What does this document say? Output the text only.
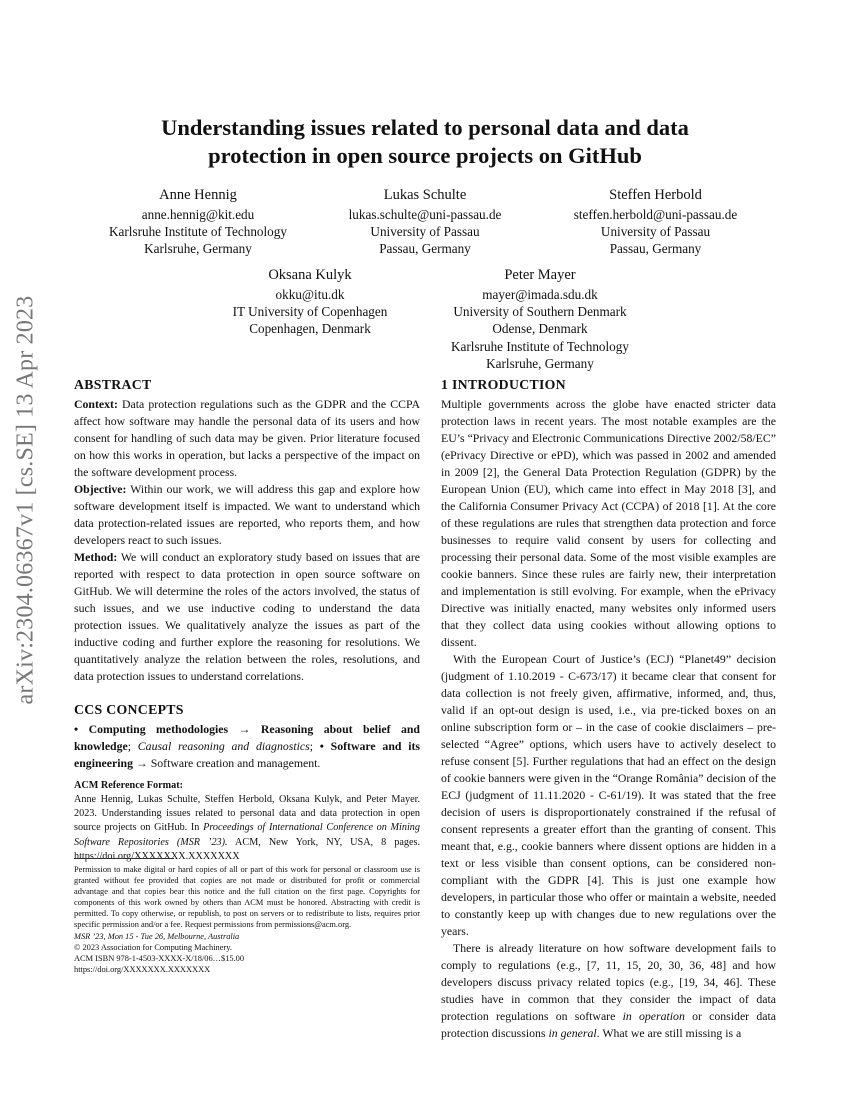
arXiv:2304.06367v1 [cs.SE] 13 Apr 2023
Understanding issues related to personal data and data
protection in open source projects on GitHub
Anne Hennig
anne.hennig@kit.edu
Karlsruhe Institute of Technology
Karlsruhe, Germany
Lukas Schulte
lukas.schulte@uni-passau.de
University of Passau
Passau, Germany
Steffen Herbold
steffen.herbold@uni-passau.de
University of Passau
Passau, Germany
Oksana Kulyk
okku@itu.dk
IT University of Copenhagen
Copenhagen, Denmark
Peter Mayer
mayer@imada.sdu.dk
University of Southern Denmark
Odense, Denmark
Karlsruhe Institute of Technology
Karlsruhe, Germany
ABSTRACT

Context: Data protection regulations such as the GDPR and the CCPA affect how software may handle the personal data of its users and how consent for handling of such data may be given. Prior literature focused on how this works in operation, but lacks a perspective of the impact on the software development process.

Objective: Within our work, we will address this gap and explore how software development itself is impacted. We want to understand which data protection-related issues are reported, who reports them, and how developers react to such issues.

Method: We will conduct an exploratory study based on issues that are reported with respect to data protection in open source software on GitHub. We will determine the roles of the actors involved, the status of such issues, and we use inductive coding to understand the data protection issues. We qualitatively analyze the issues as part of the inductive coding and further explore the reasoning for resolutions. We quantitatively analyze the relation between the roles, resolutions, and data protection issues to understand correlations.

CCS CONCEPTS

• Computing methodologies → Reasoning about belief and knowledge; Causal reasoning and diagnostics; • Software and its engineering → Software creation and management.

ACM Reference Format:

Anne Hennig, Lukas Schulte, Steffen Herbold, Oksana Kulyk, and Peter Mayer. 2023. Understanding issues related to personal data and data protection in open source projects on GitHub. In Proceedings of International Conference on Mining Software Repositories (MSR ’23). ACM, New York, NY, USA, 8 pages. https://doi.org/XXXXXXX.XXXXXXX

Permission to make digital or hard copies of all or part of this work for personal or classroom use is granted without fee provided that copies are not made or distributed for profit or commercial advantage and that copies bear this notice and the full citation on the first page. Copyrights for components of this work owned by others than ACM must be honored. Abstracting with credit is permitted. To copy otherwise, or republish, to post on servers or to redistribute to lists, requires prior specific permission and/or a fee. Request permissions from permissions@acm.org.
MSR ’23, Mon 15 - Tue 26, Melbourne, Australia
© 2023 Association for Computing Machinery.
ACM ISBN 978-1-4503-XXXX-X/18/06…$15.00
https://doi.org/XXXXXXX.XXXXXXX
1 INTRODUCTION

Multiple governments across the globe have enacted stricter data protection laws in recent years. The most notable examples are the EU’s “Privacy and Electronic Communications Directive 2002/58/EC” (ePrivacy Directive or ePD), which was passed in 2002 and amended in 2009 [2], the General Data Protection Regulation (GDPR) by the European Union (EU), which came into effect in May 2018 [3], and the California Consumer Privacy Act (CCPA) of 2018 [1]. At the core of these regulations are rules that strengthen data protection and force businesses to require valid consent by users for collecting and processing their personal data. Some of the most visible examples are cookie banners. Since these rules are fairly new, their interpretation and implementation is still evolving. For example, when the ePrivacy Directive was initially enacted, many websites only informed users that they collect data using cookies without allowing options to dissent.

With the European Court of Justice’s (ECJ) “Planet49” decision (judgment of 1.10.2019 - C-673/17) it became clear that consent for data collection is not freely given, affirmative, informed, and, thus, valid if an opt-out design is used, i.e., via pre-ticked boxes on an online subscription form or – in the case of cookie disclaimers – pre-selected “Agree” options, which users have to actively deselect to refuse consent [5]. Further regulations that had an effect on the design of cookie banners were given in the “Orange România” decision of the ECJ (judgment of 11.11.2020 - C-61/19). It was stated that the free decision of users is disproportionately constrained if the refusal of consent represents a greater effort than the granting of consent. This meant that, e.g., cookie banners where dissent options are hidden in a text or less visible than consent options, can be considered non-compliant with the GDPR [4]. This is just one example how developers, in particular those who offer or maintain a website, needed to constantly keep up with changes due to new regulations over the years.

There is already literature on how software development fails to comply to regulations (e.g., [7, 11, 15, 20, 30, 36, 48] and how developers discuss privacy related topics (e.g., [19, 34, 46]. These studies have in common that they consider the impact of data protection regulations on software in operation or consider data protection discussions in general. What we are still missing is a
